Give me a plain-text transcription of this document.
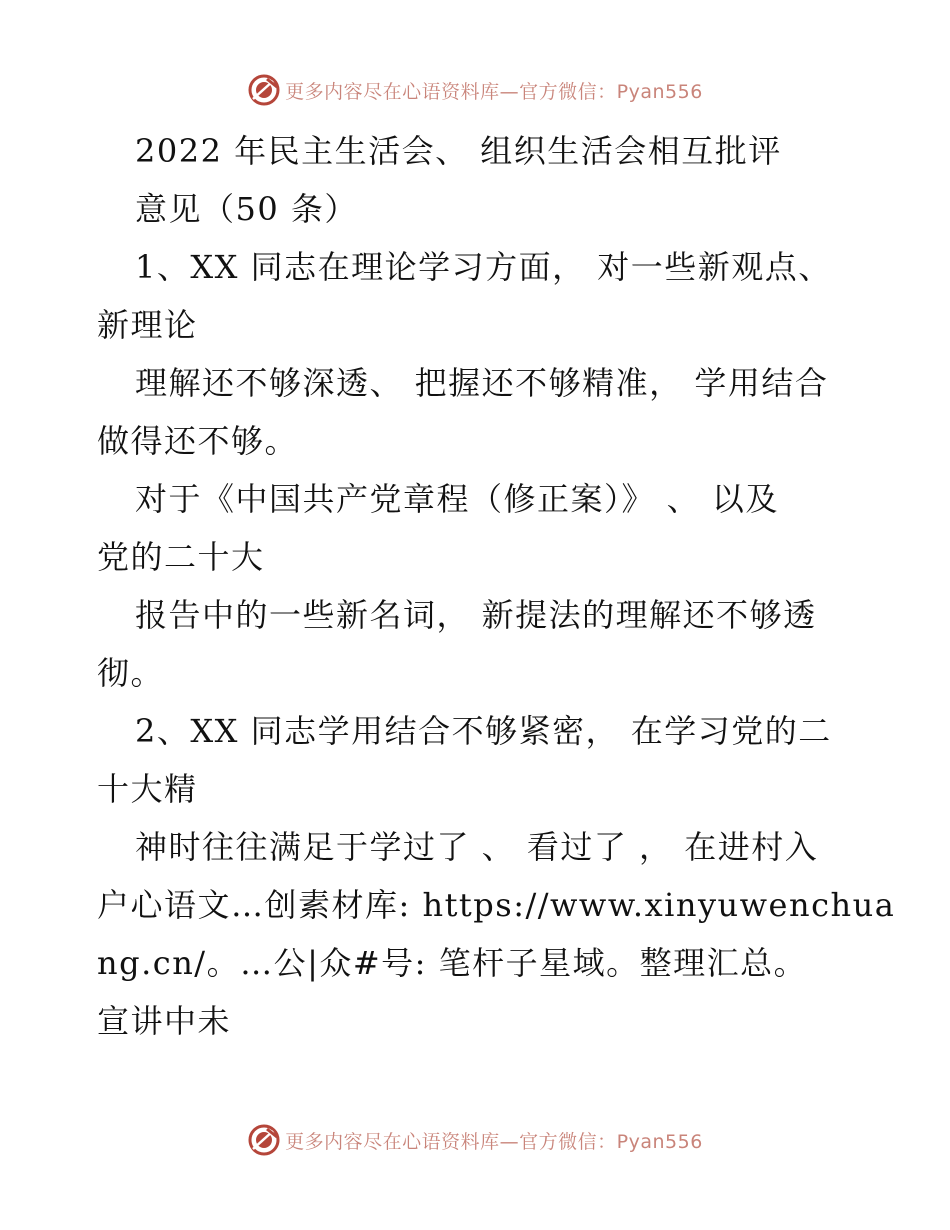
更多内容尽在心语资料库—官方微信：Pyan556
2022 年民主生活会、 组织生活会相互批评
意见（50 条）
1、XX 同志在理论学习方面， 对一些新观点、
新理论
理解还不够深透、 把握还不够精准， 学用结合
做得还不够。
对于《中国共产党章程（修正案）》 、 以及
党的二十大
报告中的一些新名词， 新提法的理解还不够透
彻。
2、XX 同志学用结合不够紧密， 在学习党的二
十大精
神时往往满足于学过了 、 看过了 ， 在进村入
户心语文…创素材库: https://www.xinyuwenchua
ng.cn/。…公|众#号: 笔杆子星域。整理汇总。
宣讲中未
更多内容尽在心语资料库—官方微信：Pyan556
